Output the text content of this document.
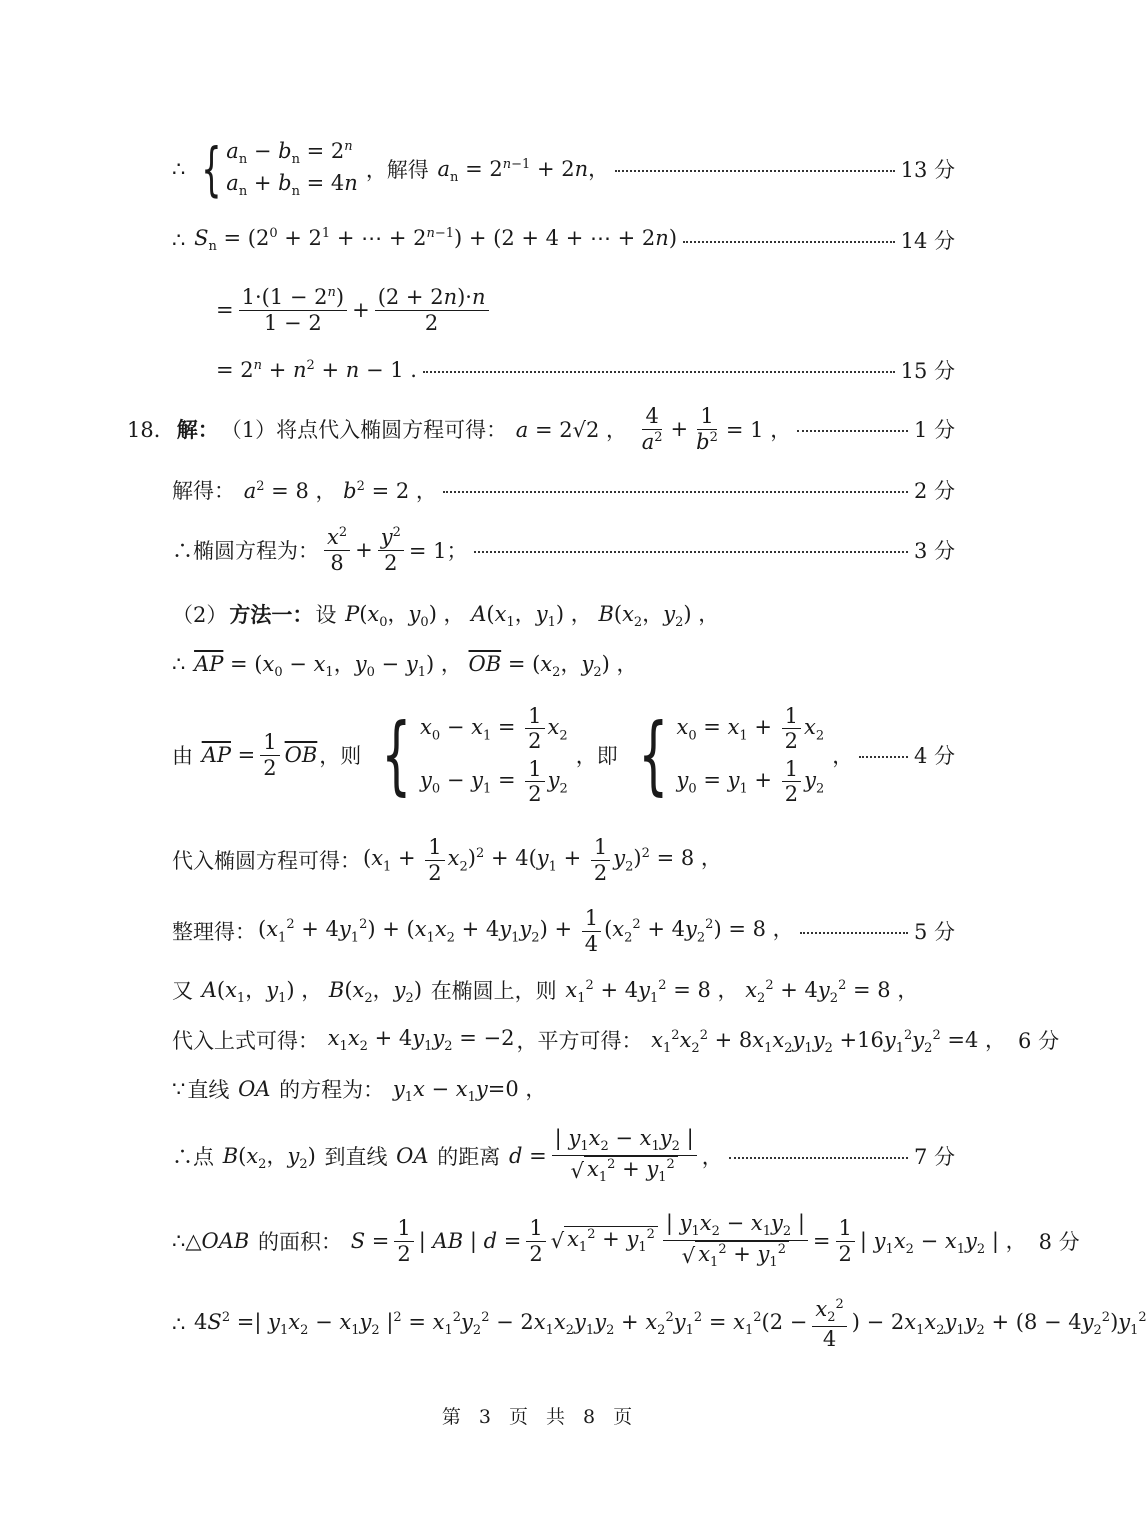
∴ { $a_n - b_n = 2^n$
$a_n + b_n = 4n$
，解得 $a_n = 2^{n-1} + 2n$，	13 分
∴ $S_n = (2^0 + 2^1$ + ⋯ + $2^{n-1}) + (2 + 4$ + ⋯ + 2n)	14 分
= $\frac{1\cdot(1 - 2^n)}{1 - 2} + \frac{(2 + 2n)\cdot n}{2}$
= $2^n + n^2 + n - 1$ .	15 分
18． 解： （1）将点代入椭圆方程可得： a = 2√2 ， $\frac{4}{a^2} + \frac{1}{b^2} = 1$ ，	1 分
解得： $a^2 = 8$ ， $b^2 = 2$ ，	2 分
∴椭圆方程为： $\frac{x^2}{8} + \frac{y^2}{2} = 1$；	3 分
（2） 方法一： 设 $P(x_0$，$y_0$) ， $A(x_1$，$y_1$) ， $B(x_2$，$y_2$) ，
∴ $\overline{AP} = (x_0 - x_1$，$y_0 - y_1$) ， $\overline{OB} = (x_2$，$y_2$) ，
由 $\overline{AP} = \frac{1}{2} \overline{OB}$ ，则 { $x_0 - x_1 = \frac{1}{2} x_2$
$y_0 - y_1 = \frac{1}{2} y_2$
，即 { $x_0 = x_1 + \frac{1}{2} x_2$
$y_0 = y_1 + \frac{1}{2} y_2$
，	4 分
代入椭圆方程可得： $(x_1 + \frac{1}{2} x_2)^2 + 4(y_1 + \frac{1}{2} y_2)^2 = 8$ ，
整理得： $(x_1^2 + 4y_1^2) + (x_1x_2 + 4y_1y_2) + \frac{1}{4} (x_2^2 + 4y_2^2) = 8$ ，	5 分
又 $A(x_1$，$y_1$) ， $B(x_2$，$y_2$) 在椭圆上，则 $x_1^2 + 4y_1^2 = 8$ ， $x_2^2 + 4y_2^2 = 8$ ，
代入上式可得： $x_1x_2 + 4y_1y_2 = -2$ ，平方可得： $x_1^2x_2^2 + 8x_1x_2y_1y_2 +16y_1^2y_2^2 =4$ ， 6 分
∵ 直线 OA 的方程为： $y_1x - x_1y=0$ ，
∴点 $B(x_2$，$y_2$) 到直线 OA 的距离 $d = \frac{| y_1x_2 - x_1y_2 |}{√ x_1^2 + y_1^2}$ ，	7 分
∴△OAB 的面积： $S = \frac{1}{2}$ | AB | $d = \frac{1}{2}$ √ $x_1^2 + y_1^2 \frac{| y_1x_2 - x_1y_2 |}{√ x_1^2 + y_1^2} = \frac{1}{2}$ | $y_1x_2 - x_1y_2$ | ， 8 分
∴ $4S^2$ =| $y_1x_2 - x_1y_2$ $|^2 = x_1^2y_2^2 - 2x_1x_2y_1y_2 + x_2^2y_1^2 = x_1^2(2 - \frac{x_2^2}{4}$ ) − $2x_1x_2y_1y_2 + (8 - 4y_2^2)y_1^2$
第 3 页 共 8 页
